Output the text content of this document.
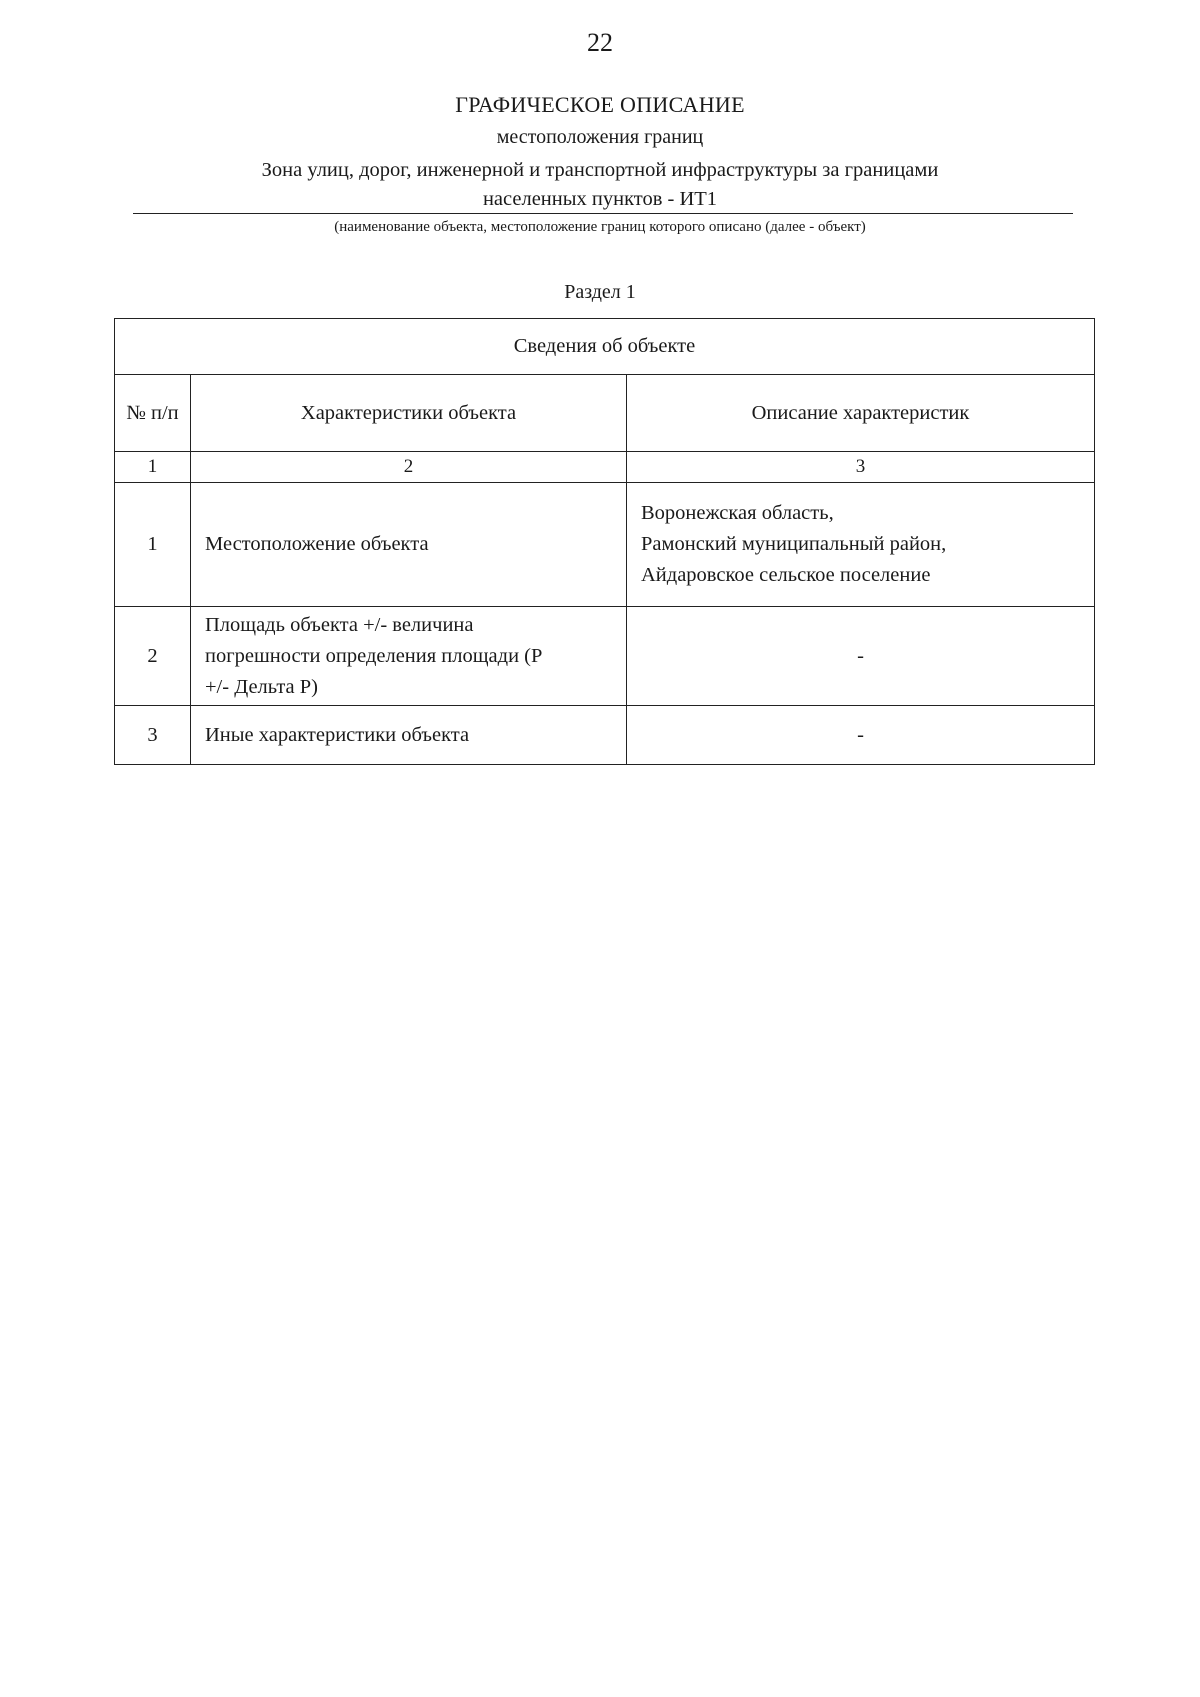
22
ГРАФИЧЕСКОЕ ОПИСАНИЕ
местоположения границ
Зона улиц, дорог, инженерной и транспортной инфраструктуры за границами
населенных пунктов - ИТ1
(наименование объекта, местоположение границ которого описано (далее - объект)
Раздел 1
Сведения об объекте		
№ п/п	Характеристики объекта	Описание характеристик
1	2	3
1	Местоположение объекта	Воронежская область,
Рамонский муниципальный район,
Айдаровское сельское поселение

2	Площадь объекта +/- величина
погрешности определения площади (Р
+/- Дельта Р)	-
3	Иные характеристики объекта	-
